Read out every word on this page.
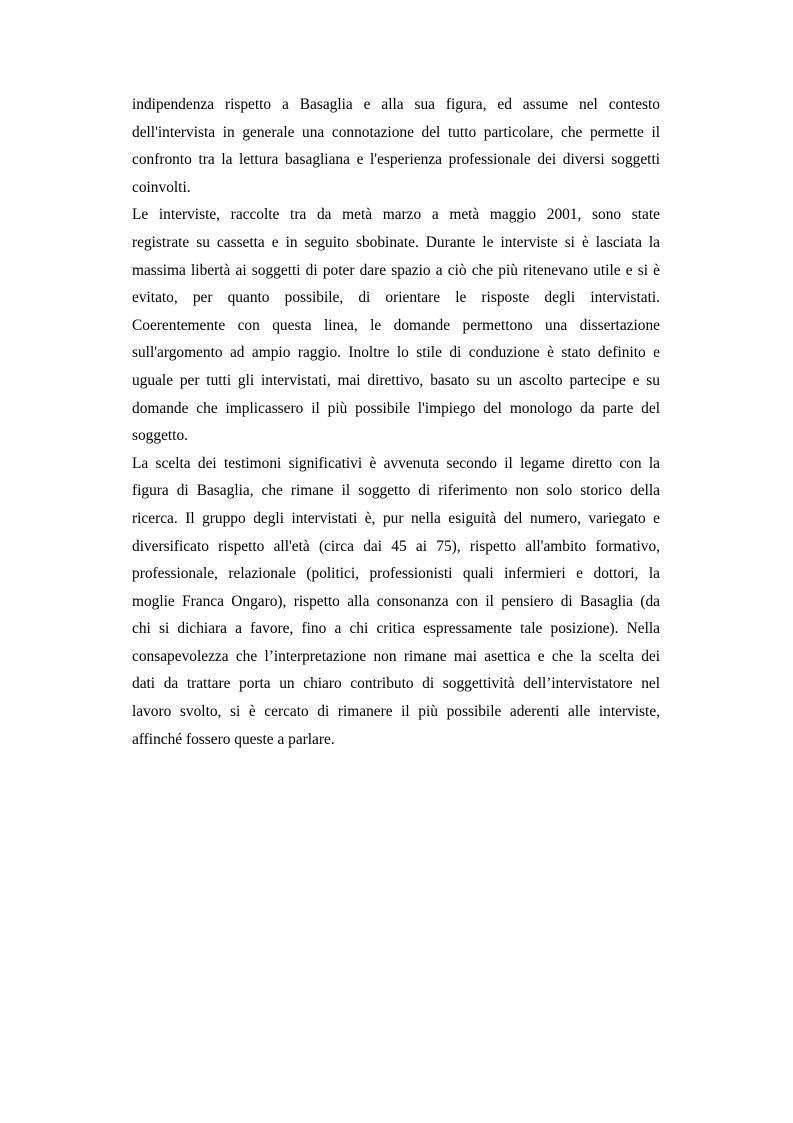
indipendenza rispetto a Basaglia e alla sua figura, ed assume nel contesto
dell'intervista in generale una connotazione del tutto particolare, che permette il
confronto tra la lettura basagliana e l'esperienza professionale dei diversi soggetti
coinvolti.
Le interviste, raccolte tra da metà marzo a metà maggio 2001, sono state
registrate su cassetta e in seguito sbobinate. Durante le interviste si è lasciata la
massima libertà ai soggetti di poter dare spazio a ciò che più ritenevano utile e si è
evitato, per quanto possibile, di orientare le risposte degli intervistati.
Coerentemente con questa linea, le domande permettono una dissertazione
sull'argomento ad ampio raggio. Inoltre lo stile di conduzione è stato definito e
uguale per tutti gli intervistati, mai direttivo, basato su un ascolto partecipe e su
domande che implicassero il più possibile l'impiego del monologo da parte del
soggetto.
La scelta dei testimoni significativi è avvenuta secondo il legame diretto con la
figura di Basaglia, che rimane il soggetto di riferimento non solo storico della
ricerca. Il gruppo degli intervistati è, pur nella esiguità del numero, variegato e
diversificato rispetto all'età (circa dai 45 ai 75), rispetto all'ambito formativo,
professionale, relazionale (politici, professionisti quali infermieri e dottori, la
moglie Franca Ongaro), rispetto alla consonanza con il pensiero di Basaglia (da
chi si dichiara a favore, fino a chi critica espressamente tale posizione). Nella
consapevolezza che l’interpretazione non rimane mai asettica e che la scelta dei
dati da trattare porta un chiaro contributo di soggettività dell’intervistatore nel
lavoro svolto, si è cercato di rimanere il più possibile aderenti alle interviste,
affinché fossero queste a parlare.
